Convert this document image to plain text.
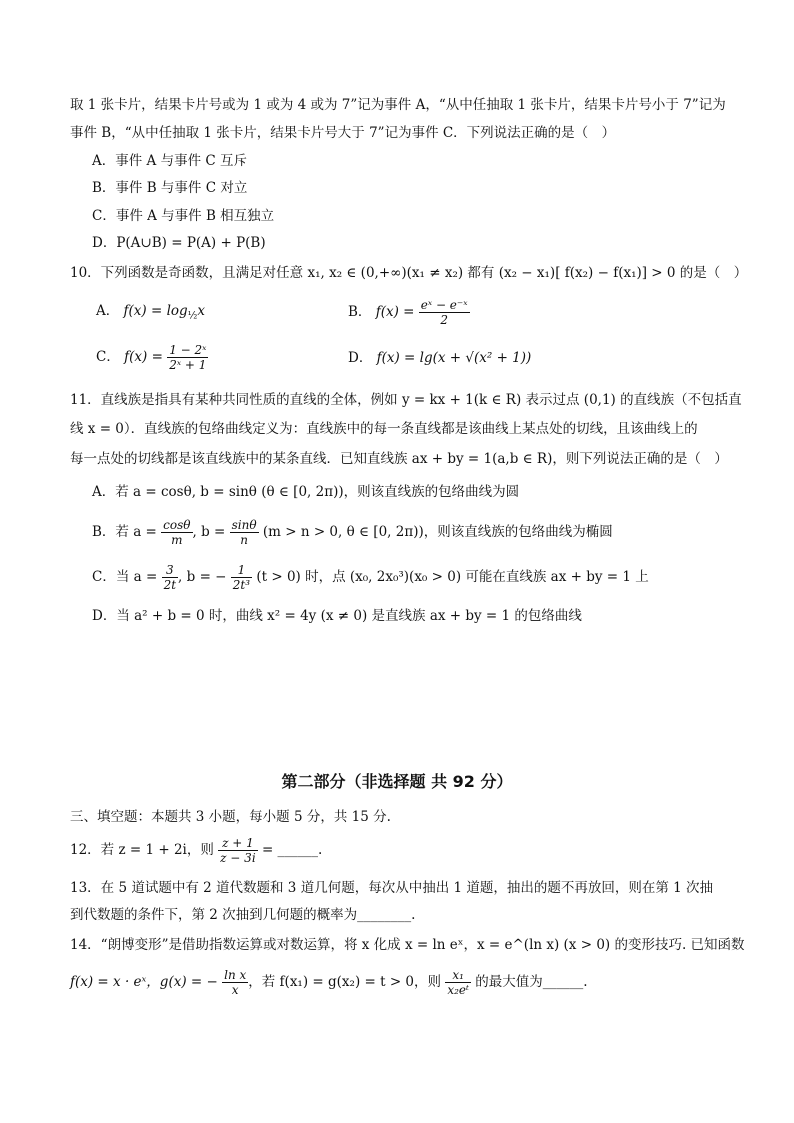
取 1 张卡片，结果卡片号或为 1 或为 4 或为 7”记为事件 A，“从中任抽取 1 张卡片，结果卡片号小于 7”记为
事件 B，“从中任抽取 1 张卡片，结果卡片号大于 7”记为事件 C．下列说法正确的是（　）
A．事件 A 与事件 C 互斥
B．事件 B 与事件 C 对立
C．事件 A 与事件 B 相互独立
D．P(A∪B) = P(A) + P(B)
10．下列函数是奇函数，且满足对任意 x₁, x₂ ∈ (0,+∞)(x₁ ≠ x₂) 都有 (x₂ − x₁)[ f(x₂) − f(x₁)] > 0 的是（　）
A． $f(x) = \log_{\frac{1}{2}}x$	B． $f(x) = \frac{\text{eˣ − e⁻ˣ}}{2}$
C． $f(x) = \frac{\text{1 − 2ˣ}}{\text{2ˣ + 1}}$	D． f(x) = lg(x + √(x² + 1))
11．直线族是指具有某种共同性质的直线的全体，例如 y = kx + 1(k ∈ R) 表示过点 (0,1) 的直线族（不包括直
线 x = 0）．直线族的包络曲线定义为：直线族中的每一条直线都是该曲线上某点处的切线，且该曲线上的
每一点处的切线都是该直线族中的某条直线．已知直线族 ax + by = 1(a,b ∈ R)，则下列说法正确的是（　）
A．若 a = cosθ, b = sinθ (θ ∈ [0, 2π))，则该直线族的包络曲线为圆
B．若 $a = \frac{\cos\theta}{m}$ , $b = \frac{\sin\theta}{n} (m > n > 0$, θ ∈ [0, 2π))，则该直线族的包络曲线为椭圆
C．当 $a = \frac{3}{2t}$ , b = − $\frac{1}{\text{2t³}} (t > 0)$ 时，点 (x₀, 2x₀³)(x₀ > 0) 可能在直线族 ax + by = 1 上
D．当 a² + b = 0 时，曲线 x² = 4y (x ≠ 0) 是直线族 ax + by = 1 的包络曲线
第二部分（非选择题 共 92 分）
三、填空题：本题共 3 小题，每小题 5 分，共 15 分.
12．若 z = 1 + 2i，则 $\frac{z + 1}{z - 3i}$ = ______.
13．在 5 道试题中有 2 道代数题和 3 道几何题，每次从中抽出 1 道题，抽出的题不再放回，则在第 1 次抽
到代数题的条件下，第 2 次抽到几何题的概率为________.
14．“朗博变形”是借助指数运算或对数运算，将 x 化成 x = ln eˣ，x = e^(ln x) (x > 0) 的变形技巧. 已知函数
f(x) = x · eˣ，g(x) = − $\frac{\text{ln x}}{x}$ ，若 f(x₁) = g(x₂) = t > 0，则 $\frac{\text{x₁}}{\text{x₂eᵗ}}$ 的最大值为______.
